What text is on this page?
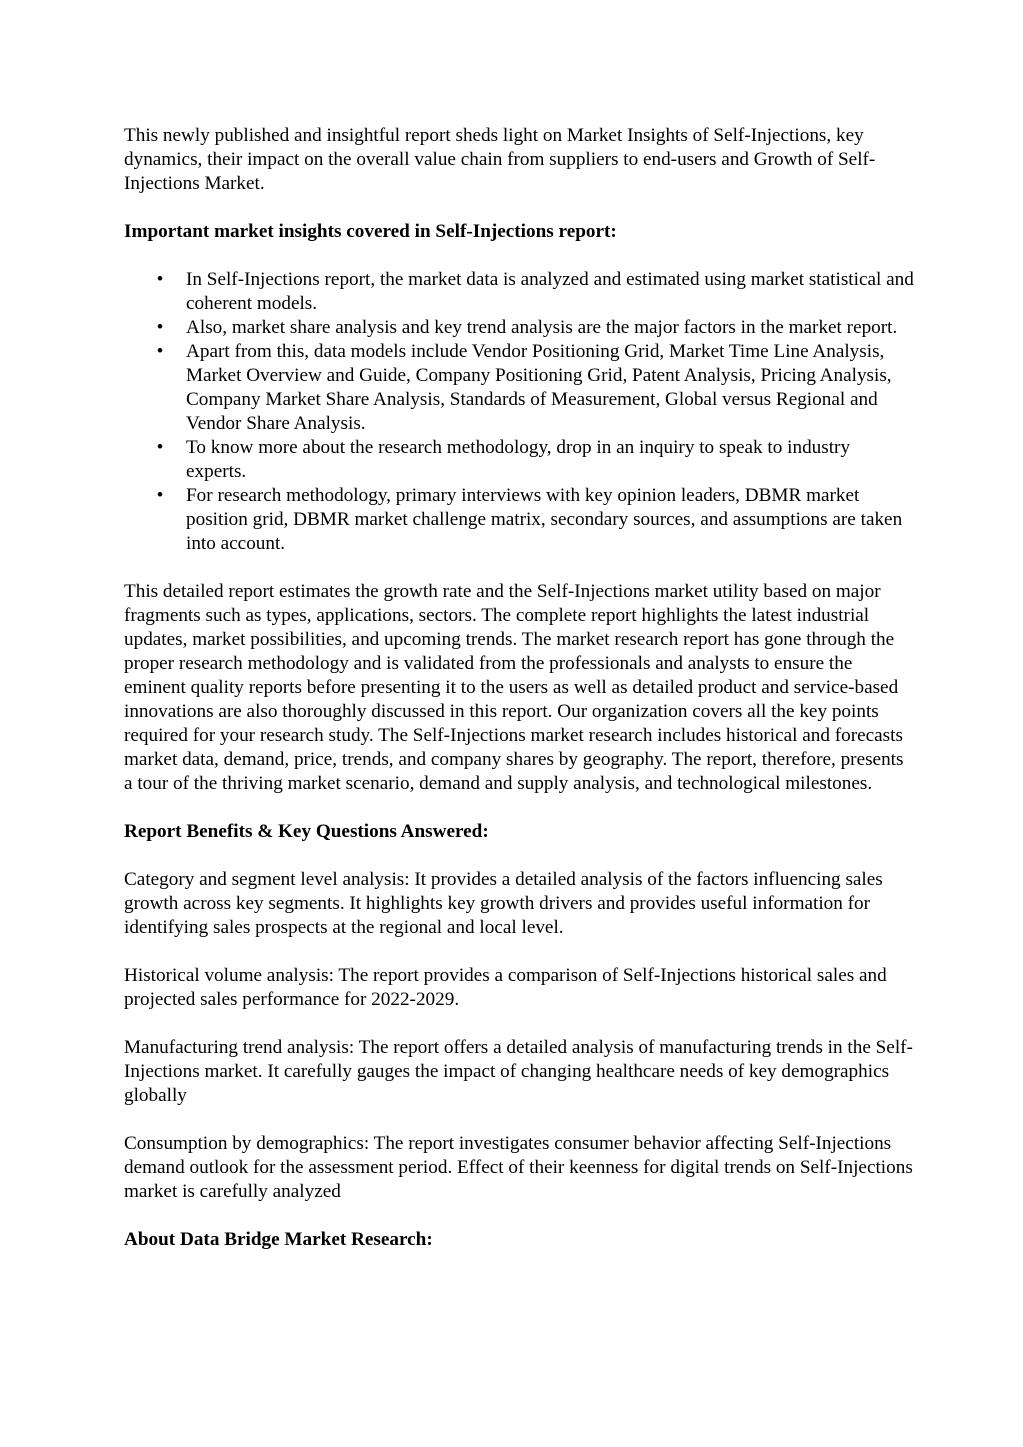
This newly published and insightful report sheds light on Market Insights of Self-Injections, key dynamics, their impact on the overall value chain from suppliers to end-users and Growth of Self-Injections Market.

Important market insights covered in Self-Injections report:
• In Self-Injections report, the market data is analyzed and estimated using market statistical and coherent models.
• Also, market share analysis and key trend analysis are the major factors in the market report.
• Apart from this, data models include Vendor Positioning Grid, Market Time Line Analysis, Market Overview and Guide, Company Positioning Grid, Patent Analysis, Pricing Analysis, Company Market Share Analysis, Standards of Measurement, Global versus Regional and Vendor Share Analysis.
• To know more about the research methodology, drop in an inquiry to speak to industry experts.
• For research methodology, primary interviews with key opinion leaders, DBMR market position grid, DBMR market challenge matrix, secondary sources, and assumptions are taken into account.

This detailed report estimates the growth rate and the Self-Injections market utility based on major fragments such as types, applications, sectors. The complete report highlights the latest industrial updates, market possibilities, and upcoming trends. The market research report has gone through the proper research methodology and is validated from the professionals and analysts to ensure the eminent quality reports before presenting it to the users as well as detailed product and service-based innovations are also thoroughly discussed in this report. Our organization covers all the key points required for your research study. The Self-Injections market research includes historical and forecasts market data, demand, price, trends, and company shares by geography. The report, therefore, presents a tour of the thriving market scenario, demand and supply analysis, and technological milestones.

Report Benefits & Key Questions Answered:

Category and segment level analysis: It provides a detailed analysis of the factors influencing sales growth across key segments. It highlights key growth drivers and provides useful information for identifying sales prospects at the regional and local level.

Historical volume analysis: The report provides a comparison of Self-Injections historical sales and projected sales performance for 2022-2029.

Manufacturing trend analysis: The report offers a detailed analysis of manufacturing trends in the Self-Injections market. It carefully gauges the impact of changing healthcare needs of key demographics globally

Consumption by demographics: The report investigates consumer behavior affecting Self-Injections demand outlook for the assessment period. Effect of their keenness for digital trends on Self-Injections market is carefully analyzed

About Data Bridge Market Research:
